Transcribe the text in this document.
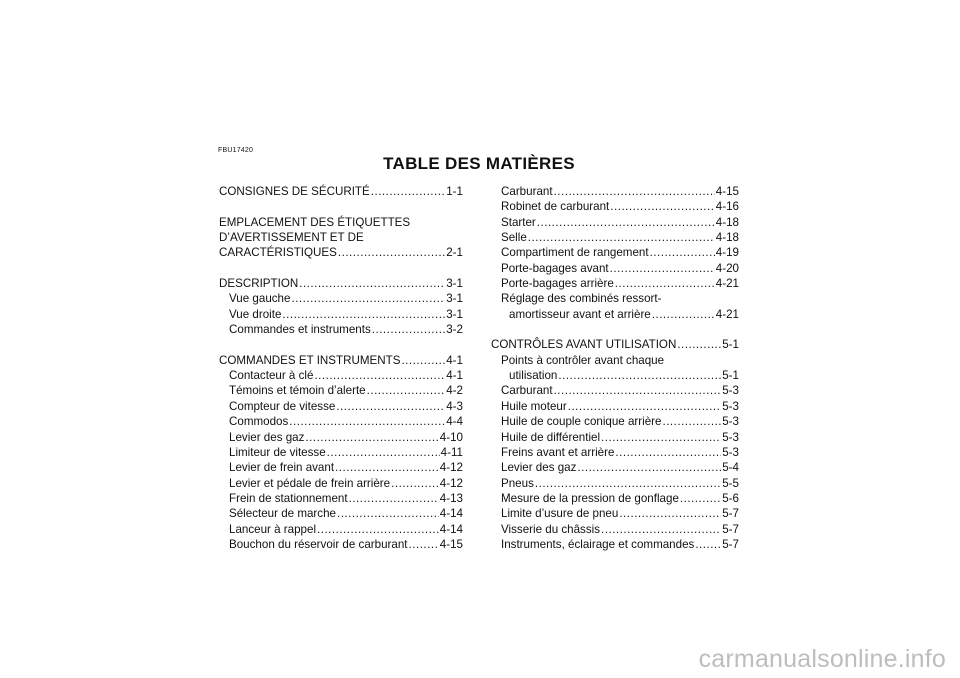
FBU17420
TABLE DES MATIÈRES
CONSIGNES DE SÉCURITÉ .....	1-1
EMPLACEMENT DES ÉTIQUETTES
D’AVERTISSEMENT ET DE
CARACTÉRISTIQUES .....	2-1
DESCRIPTION .....	3-1
Vue gauche .....	3-1
Vue droite .....	3-1
Commandes et instruments .....	3-2
COMMANDES ET INSTRUMENTS .....	4-1
Contacteur à clé .....	4-1
Témoins et témoin d’alerte .....	4-2
Compteur de vitesse .....	4-3
Commodos .....	4-4
Levier des gaz .....	4-10
Limiteur de vitesse .....	4-11
Levier de frein avant .....	4-12
Levier et pédale de frein arrière .....	4-12
Frein de stationnement .....	4-13
Sélecteur de marche .....	4-14
Lanceur à rappel .....	4-14
Bouchon du réservoir de carburant .....	4-15
Carburant .....	4-15
Robinet de carburant .....	4-16
Starter .....	4-18
Selle .....	4-18
Compartiment de rangement .....	4-19
Porte-bagages avant .....	4-20
Porte-bagages arrière .....	4-21
Réglage des combinés ressort-
amortisseur avant et arrière .....	4-21
CONTRÔLES AVANT UTILISATION .....	5-1
Points à contrôler avant chaque
utilisation .....	5-1
Carburant .....	5-3
Huile moteur .....	5-3
Huile de couple conique arrière .....	5-3
Huile de différentiel .....	5-3
Freins avant et arrière .....	5-3
Levier des gaz .....	5-4
Pneus .....	5-5
Mesure de la pression de gonflage .....	5-6
Limite d’usure de pneu .....	5-7
Visserie du châssis .....	5-7
Instruments, éclairage et commandes ..... 5-7
carmanualsonline.info
